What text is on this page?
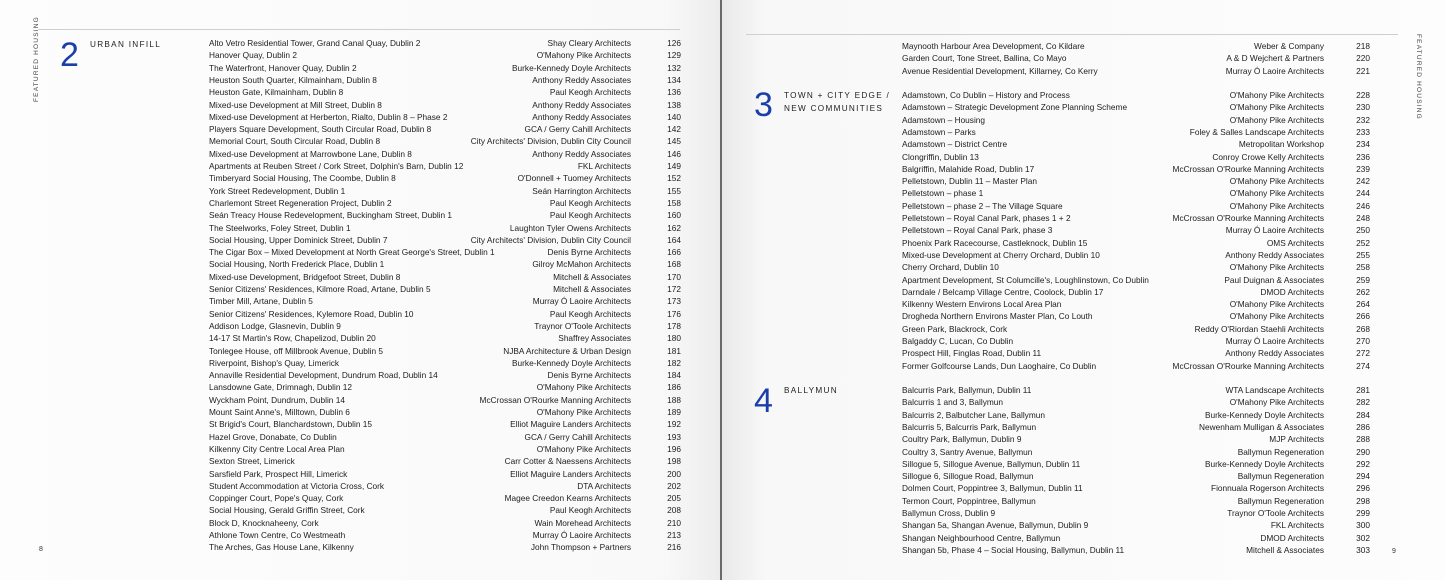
FEATURED HOUSING 2 URBAN INFILL	Alto Vetro Residential Tower, Grand Canal Quay, Dublin 2	Shay Cleary Architects	126
Hanover Quay, Dublin 2	O'Mahony Pike Architects	129
The Waterfront, Hanover Quay, Dublin 2	Burke-Kennedy Doyle Architects	132
Heuston South Quarter, Kilmainham, Dublin 8	Anthony Reddy Associates	134
Heuston Gate, Kilmainham, Dublin 8	Paul Keogh Architects	136
Mixed-use Development at Mill Street, Dublin 8	Anthony Reddy Associates	138
Mixed-use Development at Herberton, Rialto, Dublin 8 – Phase 2	Anthony Reddy Associates	140
Players Square Development, South Circular Road, Dublin 8	GCA / Gerry Cahill Architects	142
Memorial Court, South Circular Road, Dublin 8	City Architects' Division, Dublin City Council	145
Mixed-use Development at Marrowbone Lane, Dublin 8	Anthony Reddy Associates	146
Apartments at Reuben Street / Cork Street, Dolphin's Barn, Dublin 12	FKL Architects	149
Timberyard Social Housing, The Coombe, Dublin 8	O'Donnell + Tuomey Architects	152
York Street Redevelopment, Dublin 1	Seán Harrington Architects	155
Charlemont Street Regeneration Project, Dublin 2	Paul Keogh Architects	158
Seán Treacy House Redevelopment, Buckingham Street, Dublin 1	Paul Keogh Architects	160
The Steelworks, Foley Street, Dublin 1	Laughton Tyler Owens Architects	162
Social Housing, Upper Dominick Street, Dublin 7	City Architects' Division, Dublin City Council	164
The Cigar Box – Mixed Development at North Great George's Street, Dublin 1	Denis Byrne Architects	166
Social Housing, North Frederick Place, Dublin 1	Gilroy McMahon Architects	168
Mixed-use Development, Bridgefoot Street, Dublin 8	Mitchell & Associates	170
Senior Citizens' Residences, Kilmore Road, Artane, Dublin 5	Mitchell & Associates	172
Timber Mill, Artane, Dublin 5	Murray Ó Laoire Architects	173
Senior Citizens' Residences, Kylemore Road, Dublin 10	Paul Keogh Architects	176
Addison Lodge, Glasnevin, Dublin 9	Traynor O'Toole Architects	178
14-17 St Martin's Row, Chapelizod, Dublin 20	Shaffrey Associates	180
Tonlegee House, off Millbrook Avenue, Dublin 5	NJBA Architecture & Urban Design	181
Riverpoint, Bishop's Quay, Limerick	Burke-Kennedy Doyle Architects	182
Annaville Residential Development, Dundrum Road, Dublin 14	Denis Byrne Architects	184
Lansdowne Gate, Drimnagh, Dublin 12	O'Mahony Pike Architects	186
Wyckham Point, Dundrum, Dublin 14	McCrossan O'Rourke Manning Architects	188
Mount Saint Anne's, Milltown, Dublin 6	O'Mahony Pike Architects	189
St Brigid's Court, Blanchardstown, Dublin 15	Elliot Maguire Landers Architects	192
Hazel Grove, Donabate, Co Dublin	GCA / Gerry Cahill Architects	193
Kilkenny City Centre Local Area Plan	O'Mahony Pike Architects	196
Sexton Street, Limerick	Carr Cotter & Naessens Architects	198
Sarsfield Park, Prospect Hill, Limerick	Elliot Maguire Landers Architects	200
Student Accommodation at Victoria Cross, Cork	DTA Architects	202
Coppinger Court, Pope's Quay, Cork	Magee Creedon Kearns Architects	205
Social Housing, Gerald Griffin Street, Cork	Paul Keogh Architects	208
Block D, Knocknaheeny, Cork	Wain Morehead Architects	210
Athlone Town Centre, Co Westmeath	Murray Ó Laoire Architects	213
The Arches, Gas House Lane, Kilkenny	John Thompson + Partners	216
8
FEATURED HOUSING
Maynooth Harbour Area Development, Co Kildare	Weber & Company	218
Garden Court, Tone Street, Ballina, Co Mayo	A & D Wejchert & Partners	220
Avenue Residential Development, Killarney, Co Kerry	Murray Ó Laoire Architects	221
3 TOWN + CITY EDGE /
NEW COMMUNITIES
Adamstown, Co Dublin – History and Process	O'Mahony Pike Architects	228
Adamstown – Strategic Development Zone Planning Scheme	O'Mahony Pike Architects	230
Adamstown – Housing	O'Mahony Pike Architects	232
Adamstown – Parks	Foley & Salles Landscape Architects	233
Adamstown – District Centre	Metropolitan Workshop	234
Clongriffin, Dublin 13	Conroy Crowe Kelly Architects	236
Balgriffin, Malahide Road, Dublin 17	McCrossan O'Rourke Manning Architects	239
Pelletstown, Dublin 11 – Master Plan	O'Mahony Pike Architects	242
Pelletstown – phase 1	O'Mahony Pike Architects	244
Pelletstown – phase 2 – The Village Square	O'Mahony Pike Architects	246
Pelletstown – Royal Canal Park, phases 1 + 2	McCrossan O'Rourke Manning Architects	248
Pelletstown – Royal Canal Park, phase 3	Murray Ó Laoire Architects	250
Phoenix Park Racecourse, Castleknock, Dublin 15	OMS Architects	252
Mixed-use Development at Cherry Orchard, Dublin 10	Anthony Reddy Associates	255
Cherry Orchard, Dublin 10	O'Mahony Pike Architects	258
Apartment Development, St Columcille's, Loughlinstown, Co Dublin	Paul Duignan & Associates	259
Darndale / Belcamp Village Centre, Coolock, Dublin 17	DMOD Architects	262
Kilkenny Western Environs Local Area Plan	O'Mahony Pike Architects	264
Drogheda Northern Environs Master Plan, Co Louth	O'Mahony Pike Architects	266
Green Park, Blackrock, Cork	Reddy O'Riordan Staehli Architects	268
Balgaddy C, Lucan, Co Dublin	Murray Ó Laoire Architects	270
Prospect Hill, Finglas Road, Dublin 11	Anthony Reddy Associates	272
Former Golfcourse Lands, Dun Laoghaire, Co Dublin	McCrossan O'Rourke Manning Architects	274
4 BALLYMUN	Balcurris Park, Ballymun, Dublin 11	WTA Landscape Architects	281
Balcurris 1 and 3, Ballymun	O'Mahony Pike Architects	282
Balcurris 2, Balbutcher Lane, Ballymun	Burke-Kennedy Doyle Architects	284
Balcurris 5, Balcurris Park, Ballymun	Newenham Mulligan & Associates	286
Coultry Park, Ballymun, Dublin 9	MJP Architects	288
Coultry 3, Santry Avenue, Ballymun	Ballymun Regeneration	290
Sillogue 5, Sillogue Avenue, Ballymun, Dublin 11	Burke-Kennedy Doyle Architects	292
Sillogue 6, Sillogue Road, Ballymun	Ballymun Regeneration	294
Dolmen Court, Poppintree 3, Ballymun, Dublin 11	Fionnuala Rogerson Architects	296
Termon Court, Poppintree, Ballymun	Ballymun Regeneration	298
Ballymun Cross, Dublin 9	Traynor O'Toole Architects	299
Shangan 5a, Shangan Avenue, Ballymun, Dublin 9	FKL Architects	300
Shangan Neighbourhood Centre, Ballymun	DMOD Architects	302
Shangan 5b, Phase 4 – Social Housing, Ballymun, Dublin 11	Mitchell & Associates	303	9
